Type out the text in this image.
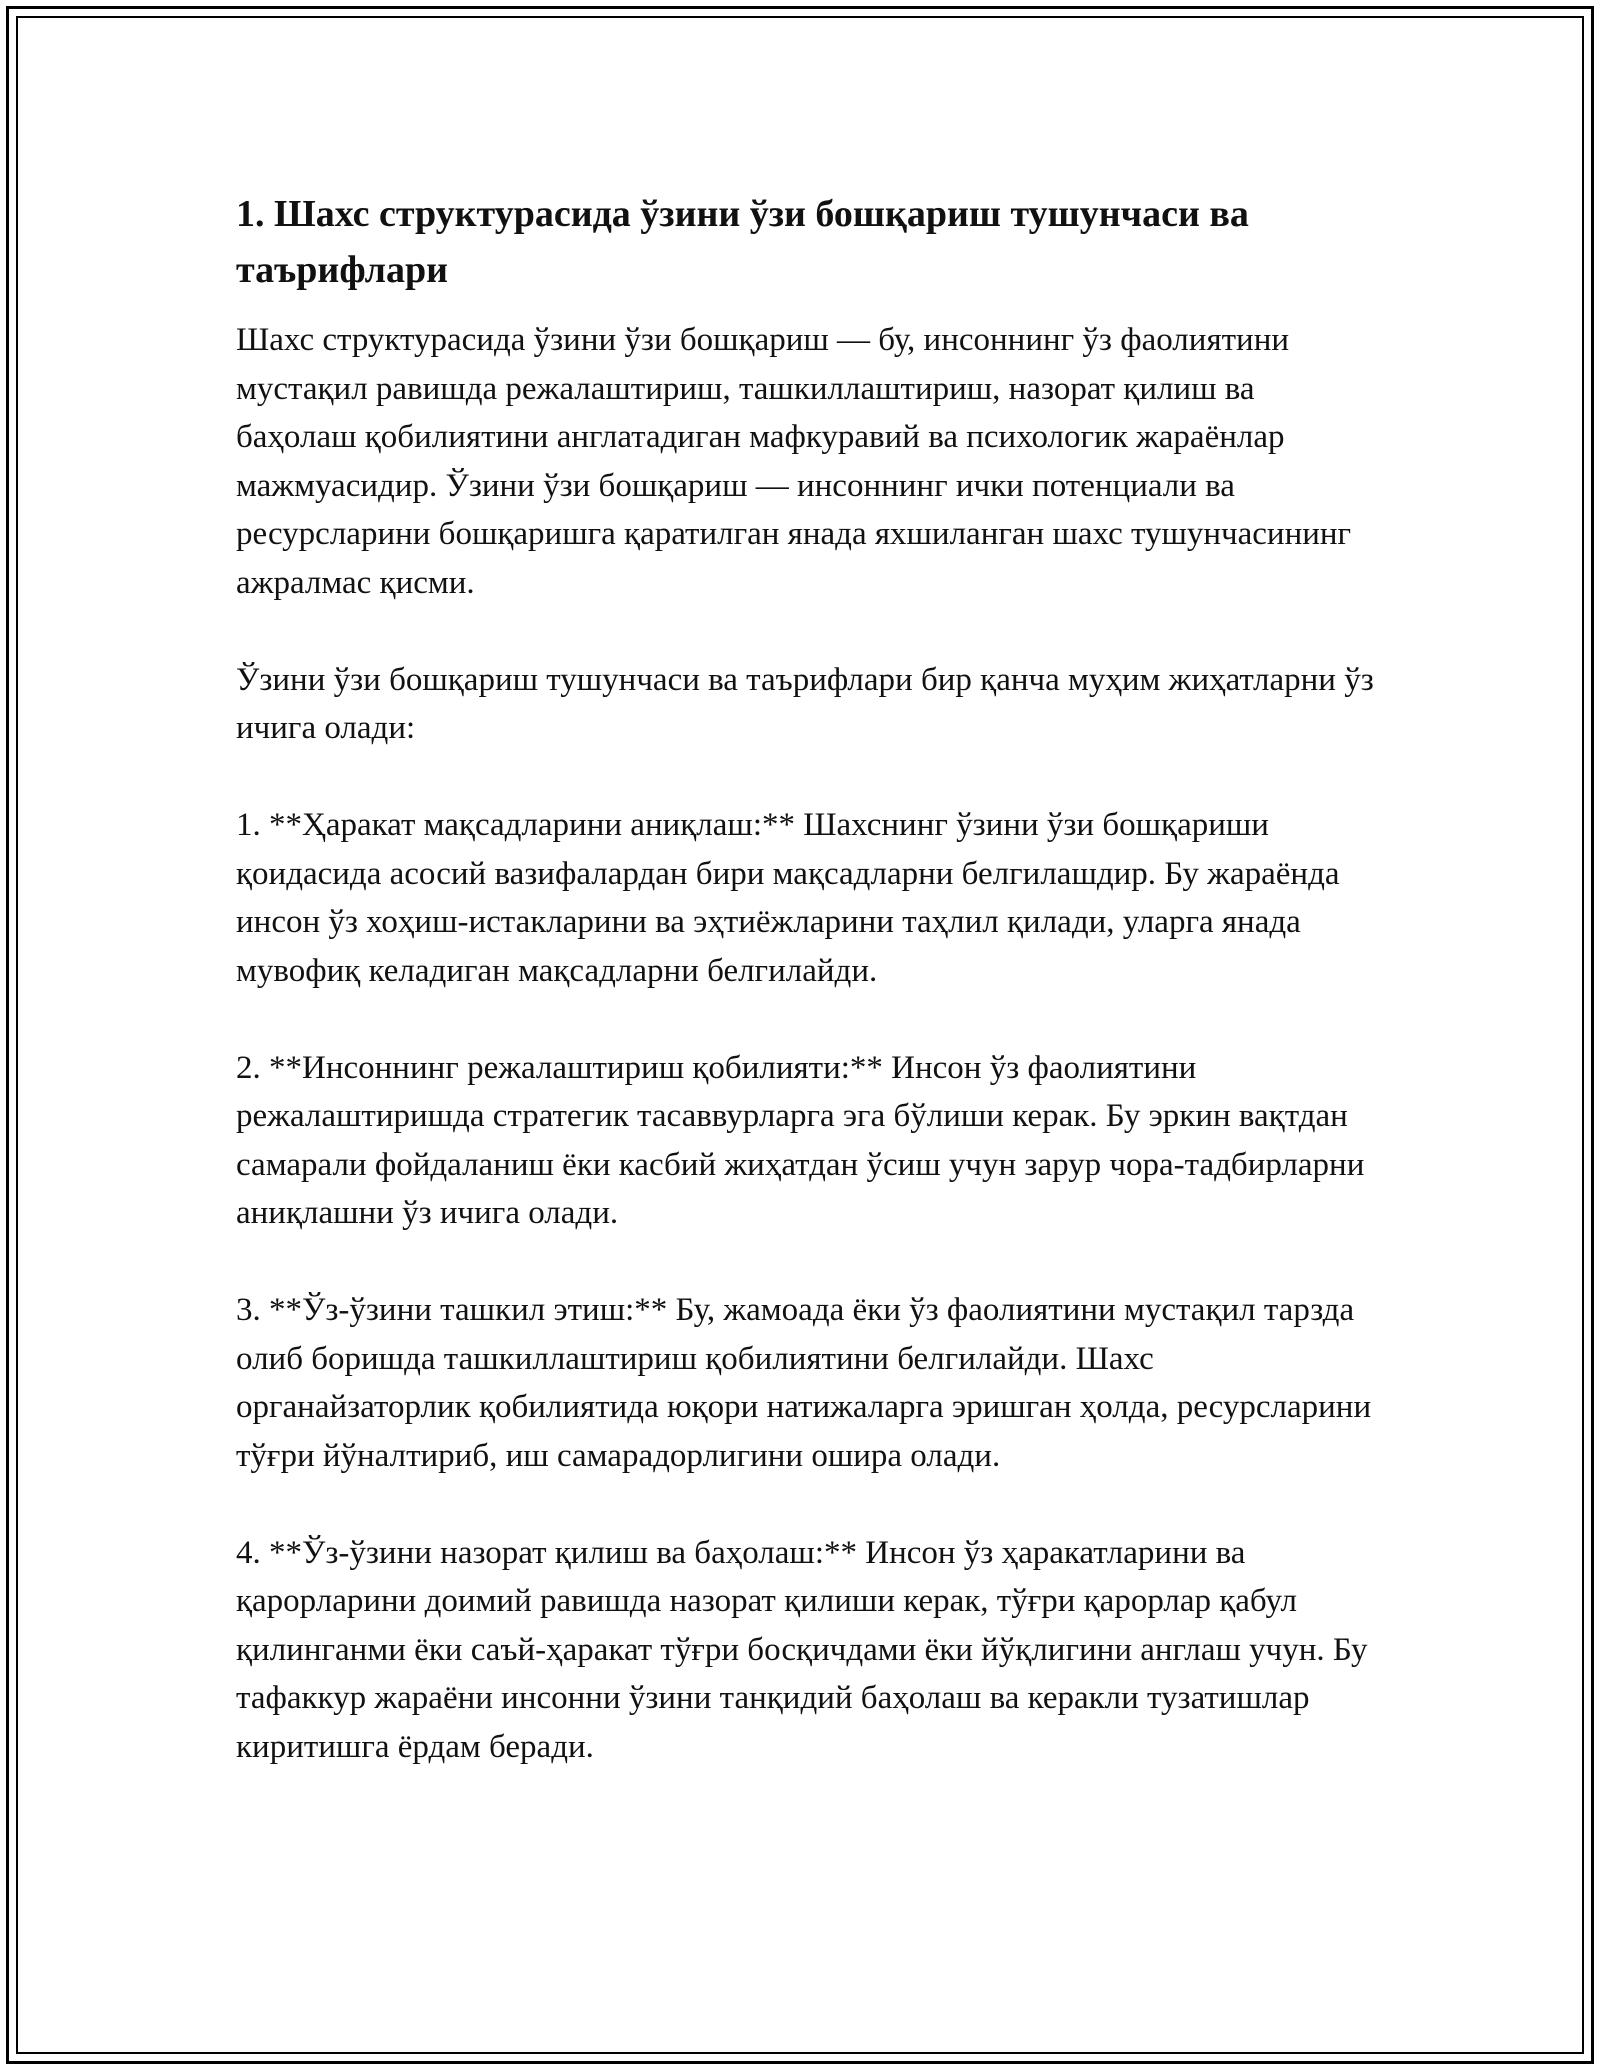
1. Шахс структурасида ўзини ўзи бошқариш тушунчаси ва таърифлари

Шахс структурасида ўзини ўзи бошқариш — бу, инсоннинг ўз фаолиятини мустақил равишда режалаштириш, ташкиллаштириш, назорат қилиш ва баҳолаш қобилиятини англатадиган мафкуравий ва психологик жараёнлар мажмуасидир. Ўзини ўзи бошқариш — инсоннинг ички потенциали ва ресурсларини бошқаришга қаратилган янада яхшиланган шахс тушунчасининг ажралмас қисми.

Ўзини ўзи бошқариш тушунчаси ва таърифлари бир қанча муҳим жиҳатларни ўз ичига олади:

1. **Ҳаракат мақсадларини аниқлаш:** Шахснинг ўзини ўзи бошқариши қоидасида асосий вазифалардан бири мақсадларни белгилашдир. Бу жараёнда инсон ўз хоҳиш-истакларини ва эҳтиёжларини таҳлил қилади, уларга янада мувофиқ келадиган мақсадларни белгилайди.

2. **Инсоннинг режалаштириш қобилияти:** Инсон ўз фаолиятини режалаштиришда стратегик тасаввурларга эга бўлиши керак. Бу эркин вақтдан самарали фойдаланиш ёки касбий жиҳатдан ўсиш учун зарур чора-тадбирларни аниқлашни ўз ичига олади.

3. **Ўз-ўзини ташкил этиш:** Бу, жамоада ёки ўз фаолиятини мустақил тарзда олиб боришда ташкиллаштириш қобилиятини белгилайди. Шахс органайзаторлик қобилиятида юқори натижаларга эришган ҳолда, ресурсларини тўғри йўналтириб, иш самарадорлигини ошира олади.

4. **Ўз-ўзини назорат қилиш ва баҳолаш:** Инсон ўз ҳаракатларини ва қарорларини доимий равишда назорат қилиши керак, тўғри қарорлар қабул қилинганми ёки саъй-ҳаракат тўғри босқичдами ёки йўқлигини англаш учун. Бу тафаккур жараёни инсонни ўзини танқидий баҳолаш ва керакли тузатишлар киритишга ёрдам беради.
